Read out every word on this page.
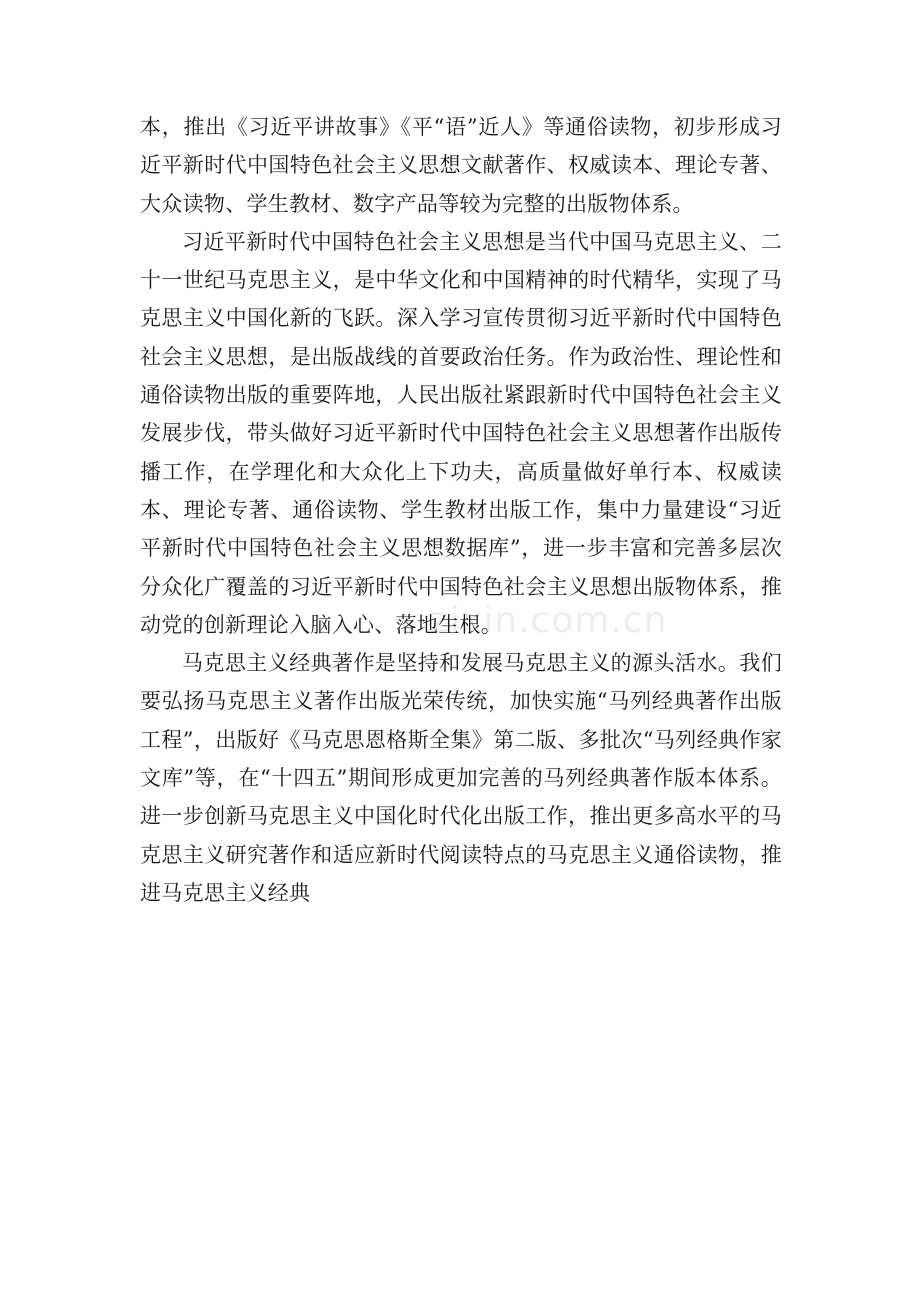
本，推出《习近平讲故事》《平“语”近人》等通俗读物，初步形成习近平新时代中国特色社会主义思想文献著作、权威读本、理论专著、大众读物、学生教材、数字产品等较为完整的出版物体系。

习近平新时代中国特色社会主义思想是当代中国马克思主义、二十一世纪马克思主义，是中华文化和中国精神的时代精华，实现了马克思主义中国化新的飞跃。深入学习宣传贯彻习近平新时代中国特色社会主义思想，是出版战线的首要政治任务。作为政治性、理论性和通俗读物出版的重要阵地，人民出版社紧跟新时代中国特色社会主义发展步伐，带头做好习近平新时代中国特色社会主义思想著作出版传播工作，在学理化和大众化上下功夫，高质量做好单行本、权威读本、理论专著、通俗读物、学生教材出版工作，集中力量建设“习近平新时代中国特色社会主义思想数据库”，进一步丰富和完善多层次分众化广覆盖的习近平新时代中国特色社会主义思想出版物体系，推动党的创新理论入脑入心、落地生根。

马克思主义经典著作是坚持和发展马克思主义的源头活水。我们要弘扬马克思主义著作出版光荣传统，加快实施“马列经典著作出版工程”，出版好《马克思恩格斯全集》第二版、多批次“马列经典作家文库”等，在“十四五”期间形成更加完善的马列经典著作版本体系。进一步创新马克思主义中国化时代化出版工作，推出更多高水平的马克思主义研究著作和适应新时代阅读特点的马克思主义通俗读物，推进马克思主义经典

zixin.com.cn
